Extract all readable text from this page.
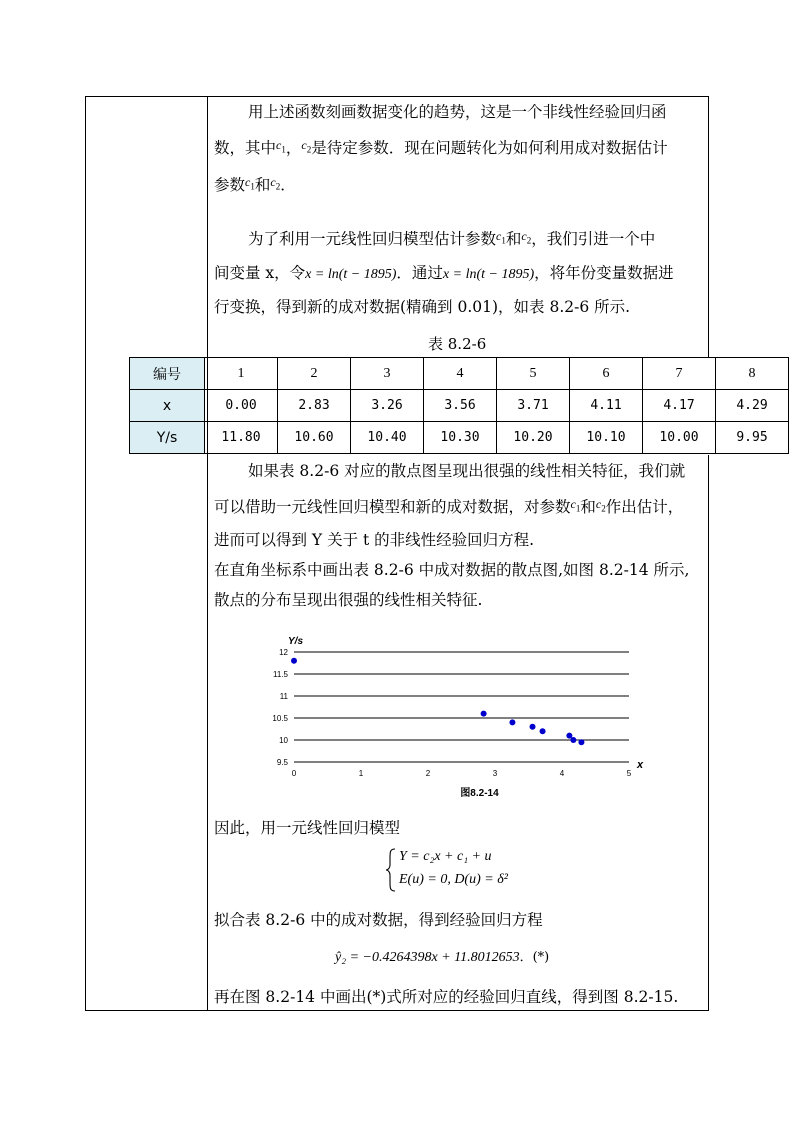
用上述函数刻画数据变化的趋势，这是一个非线性经验回归函
数，其中$^{c_1}$，$^{c_2}$是待定参数．现在问题转化为如何利用成对数据估计
参数$^{c_1}$和$^{c_2}$．
为了利用一元线性回归模型估计参数$^{c_1}$和$^{c_2}$，我们引进一个中
间变量 x，令x = ln(t − 1895)．通过x = ln(t − 1895)，将年份变量数据进
行变换，得到新的成对数据(精确到 0.01)，如表 8.2-6 所示.
表 8.2-6
编号	1	2	3	4	5	6	7	8
x	0.00	2.83	3.26	3.56	3.71	4.11	4.17	4.29
Y/s	11.80	10.60	10.40	10.30	10.20	10.10	10.00	9.95
如果表 8.2-6 对应的散点图呈现出很强的线性相关特征，我们就
可以借助一元线性回归模型和新的成对数据，对参数$^{c_1}$和$^{c_2}$作出估计，
进而可以得到 Y 关于 t 的非线性经验回归方程.
在直角坐标系中画出表 8.2-6 中成对数据的散点图,如图 8.2-14 所示,
散点的分布呈现出很强的线性相关特征.
12
11.5
11
10.5
10
9.5
0	1	2	3	4	5
Y/s
x
图8.2-14
因此，用一元线性回归模型
Y = c₂x + c₁ + u
E(u) = 0, D(u) = δ²
拟合表 8.2-6 中的成对数据，得到经验回归方程
ŷ₂ = −0.4264398x + 11.8012653．(*)
再在图 8.2-14 中画出(*)式所对应的经验回归直线，得到图 8.2-15.
